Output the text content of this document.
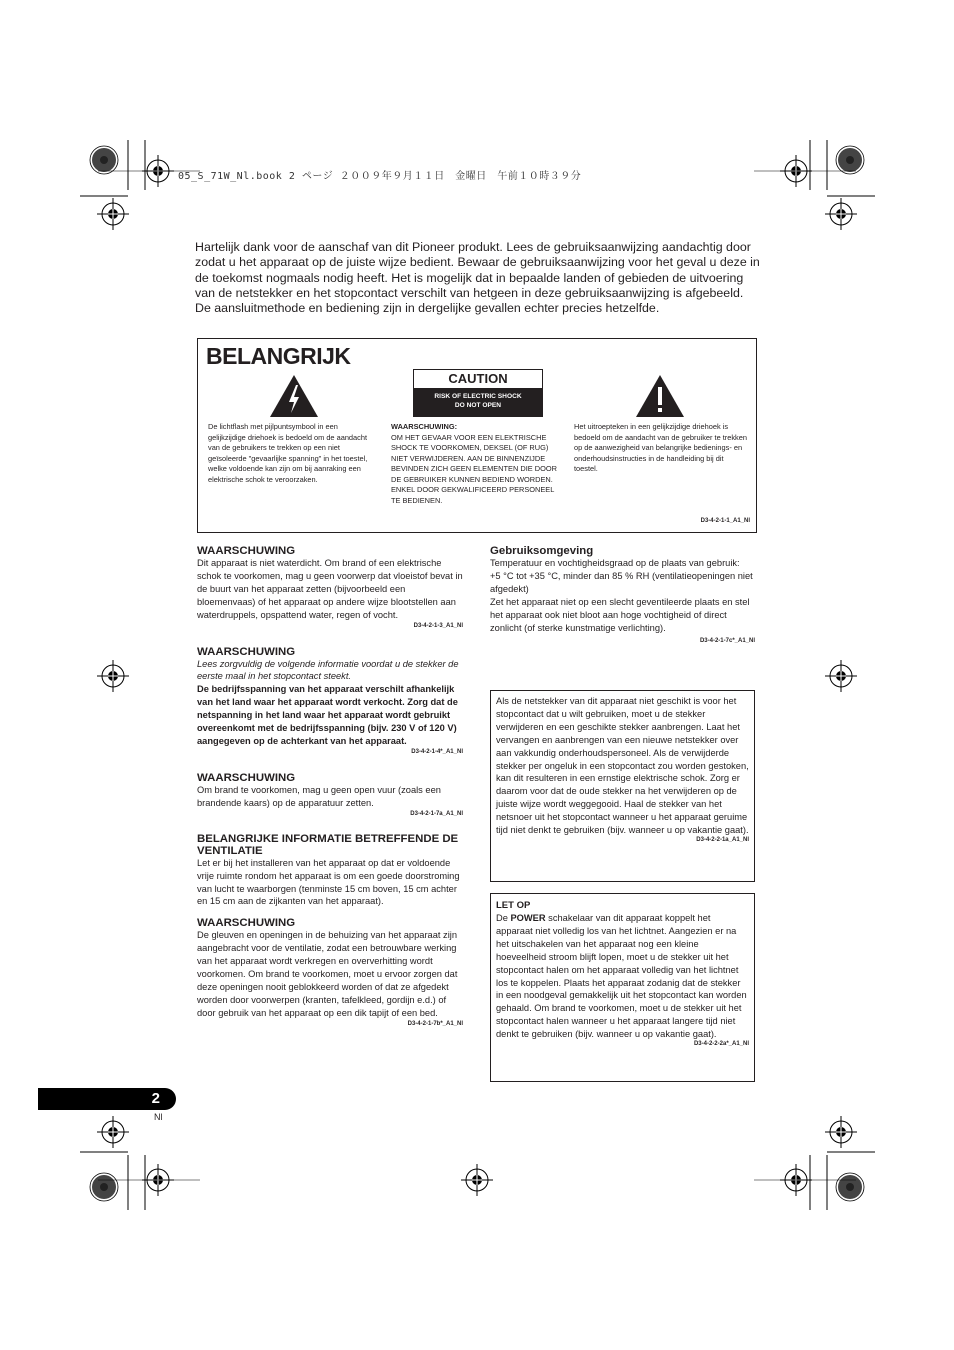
05_S_71W_Nl.book 2 ページ ２００９年９月１１日　金曜日　午前１０時３９分
Hartelijk dank voor de aanschaf van dit Pioneer produkt. Lees de gebruiksaanwijzing aandachtig door zodat u het apparaat op de juiste wijze bedient. Bewaar de gebruiksaanwijzing voor het geval u deze in de toekomst nogmaals nodig heeft. Het is mogelijk dat in bepaalde landen of gebieden de uitvoering van de netstekker en het stopcontact verschilt van hetgeen in deze gebruiksaanwijzing is afgebeeld. De aansluitmethode en bediening zijn in dergelijke gevallen echter precies hetzelfde.
BELANGRIJK
CAUTION
RISK OF ELECTRIC SHOCK
DO NOT OPEN
De lichtflash met pijlpuntsymbool in een gelijkzijdige driehoek is bedoeld om de aandacht van de gebruikers te trekken op een niet geïsoleerde "gevaarlijke spanning" in het toestel, welke voldoende kan zijn om bij aanraking een elektrische schok te veroorzaken.
WAARSCHUWING:
OM HET GEVAAR VOOR EEN ELEKTRISCHE SHOCK TE VOORKOMEN, DEKSEL (OF RUG) NIET VERWIJDEREN. AAN DE BINNENZIJDE BEVINDEN ZICH GEEN ELEMENTEN DIE DOOR DE GEBRUIKER KUNNEN BEDIEND WORDEN. ENKEL DOOR GEKWALIFICEERD PERSONEEL TE BEDIENEN.
Het uitroepteken in een gelijkzijdige driehoek is bedoeld om de aandacht van de gebruiker te trekken op de aanwezigheid van belangrijke bedienings- en onderhoudsinstructies in de handleiding bij dit toestel.
D3-4-2-1-1_A1_Nl
WAARSCHUWING
Dit apparaat is niet waterdicht. Om brand of een elektrische schok te voorkomen, mag u geen voorwerp dat vloeistof bevat in de buurt van het apparaat zetten (bijvoorbeeld een bloemenvaas) of het apparaat op andere wijze blootstellen aan waterdruppels, opspattend water, regen of vocht.
D3-4-2-1-3_A1_Nl
WAARSCHUWING
Lees zorgvuldig de volgende informatie voordat u de stekker de eerste maal in het stopcontact steekt.
De bedrijfsspanning van het apparaat verschilt afhankelijk van het land waar het apparaat wordt verkocht. Zorg dat de netspanning in het land waar het apparaat wordt gebruikt overeenkomt met de bedrijfsspanning (bijv. 230 V of 120 V) aangegeven op de achterkant van het apparaat.
D3-4-2-1-4*_A1_Nl
WAARSCHUWING
Om brand te voorkomen, mag u geen open vuur (zoals een brandende kaars) op de apparatuur zetten.
D3-4-2-1-7a_A1_Nl
BELANGRIJKE INFORMATIE BETREFFENDE DE VENTILATIE
Let er bij het installeren van het apparaat op dat er voldoende vrije ruimte rondom het apparaat is om een goede doorstroming van lucht te waarborgen (tenminste 15 cm boven, 15 cm achter en 15 cm aan de zijkanten van het apparaat).
WAARSCHUWING
De gleuven en openingen in de behuizing van het apparaat zijn aangebracht voor de ventilatie, zodat een betrouwbare werking van het apparaat wordt verkregen en oververhitting wordt voorkomen. Om brand te voorkomen, moet u ervoor zorgen dat deze openingen nooit geblokkeerd worden of dat ze afgedekt worden door voorwerpen (kranten, tafelkleed, gordijn e.d.) of door gebruik van het apparaat op een dik tapijt of een bed.
D3-4-2-1-7b*_A1_Nl
Gebruiksomgeving
Temperatuur en vochtigheidsgraad op de plaats van gebruik:
+5 °C tot +35 °C, minder dan 85 % RH (ventilatieopeningen niet afgedekt)
Zet het apparaat niet op een slecht geventileerde plaats en stel het apparaat ook niet bloot aan hoge vochtigheid of direct zonlicht (of sterke kunstmatige verlichting).
D3-4-2-1-7c*_A1_Nl
Als de netstekker van dit apparaat niet geschikt is voor het stopcontact dat u wilt gebruiken, moet u de stekker verwijderen en een geschikte stekker aanbrengen. Laat het vervangen en aanbrengen van een nieuwe netstekker over aan vakkundig onderhoudspersoneel. Als de verwijderde stekker per ongeluk in een stopcontact zou worden gestoken, kan dit resulteren in een ernstige elektrische schok. Zorg er daarom voor dat de oude stekker na het verwijderen op de juiste wijze wordt weggegooid. Haal de stekker van het netsnoer uit het stopcontact wanneer u het apparaat geruime tijd niet denkt te gebruiken (bijv. wanneer u op vakantie gaat).
D3-4-2-2-1a_A1_Nl
LET OP
De POWER schakelaar van dit apparaat koppelt het apparaat niet volledig los van het lichtnet. Aangezien er na het uitschakelen van het apparaat nog een kleine hoeveelheid stroom blijft lopen, moet u de stekker uit het stopcontact halen om het apparaat volledig van het lichtnet los te koppelen. Plaats het apparaat zodanig dat de stekker in een noodgeval gemakkelijk uit het stopcontact kan worden gehaald. Om brand te voorkomen, moet u de stekker uit het stopcontact halen wanneer u het apparaat langere tijd niet denkt te gebruiken (bijv. wanneer u op vakantie gaat).
D3-4-2-2-2a*_A1_Nl
2
Nl
